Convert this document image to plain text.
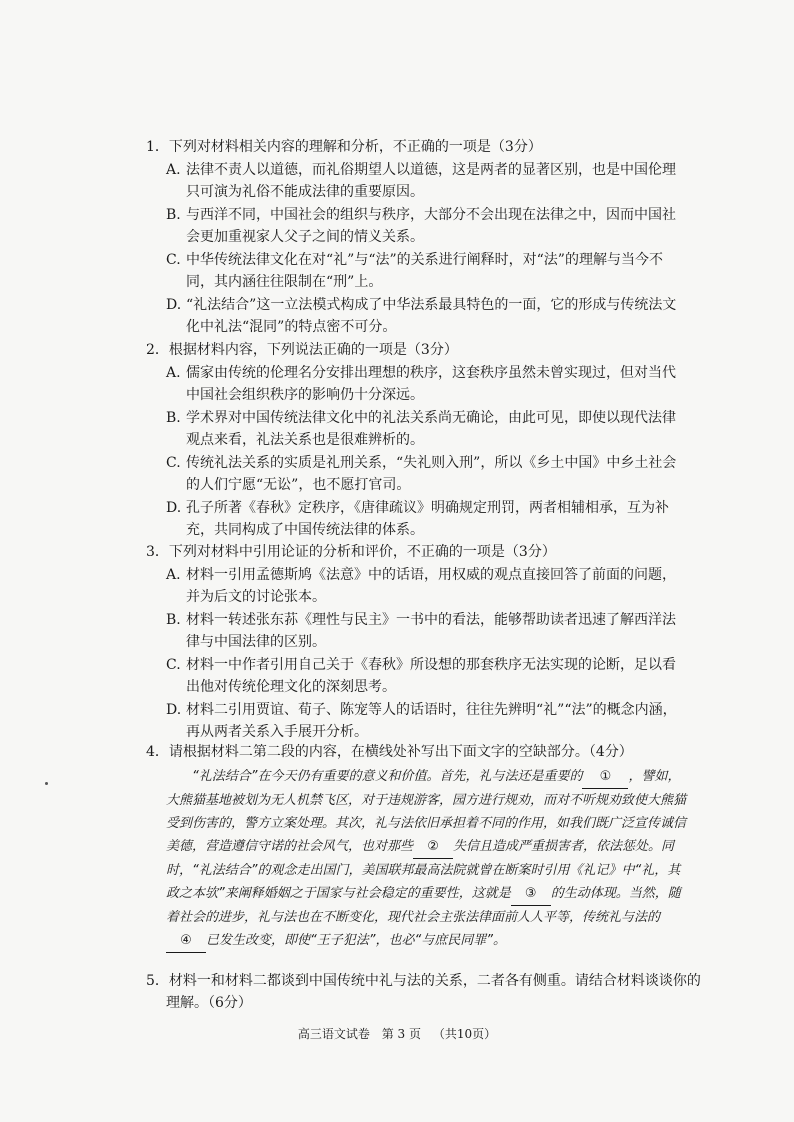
1．下列对材料相关内容的理解和分析，不正确的一项是（3分）
A. 法律不责人以道德，而礼俗期望人以道德，这是两者的显著区别，也是中国伦理只可演为礼俗不能成法律的重要原因。
B. 与西洋不同，中国社会的组织与秩序，大部分不会出现在法律之中，因而中国社会更加重视家人父子之间的情义关系。
C. 中华传统法律文化在对“礼”与“法”的关系进行阐释时，对“法”的理解与当今不同，其内涵往往限制在“刑”上。
D. “礼法结合”这一立法模式构成了中华法系最具特色的一面，它的形成与传统法文化中礼法“混同”的特点密不可分。
2．根据材料内容，下列说法正确的一项是（3分）
A. 儒家由传统的伦理名分安排出理想的秩序，这套秩序虽然未曾实现过，但对当代中国社会组织秩序的影响仍十分深远。
B. 学术界对中国传统法律文化中的礼法关系尚无确论，由此可见，即使以现代法律观点来看，礼法关系也是很难辨析的。
C. 传统礼法关系的实质是礼刑关系，“失礼则入刑”，所以《乡土中国》中乡土社会的人们宁愿“无讼”，也不愿打官司。
D. 孔子所著《春秋》定秩序，《唐律疏议》明确规定刑罚，两者相辅相承，互为补充，共同构成了中国传统法律的体系。
3．下列对材料中引用论证的分析和评价，不正确的一项是（3分）
A. 材料一引用孟德斯鸠《法意》中的话语，用权威的观点直接回答了前面的问题，并为后文的讨论张本。
B. 材料一转述张东荪《理性与民主》一书中的看法，能够帮助读者迅速了解西洋法律与中国法律的区别。
C. 材料一中作者引用自己关于《春秋》所设想的那套秩序无法实现的论断，足以看出他对传统伦理文化的深刻思考。
D. 材料二引用贾谊、荀子、陈宠等人的话语时，往往先辨明“礼”“法”的概念内涵，再从两者关系入手展开分析。
4．请根据材料二第二段的内容，在横线处补写出下面文字的空缺部分。（4分）
“礼法结合”在今天仍有重要的意义和价值。首先，礼与法还是重要的 ① ，譬如，大熊猫基地被划为无人机禁飞区，对于违规游客，园方进行规劝，而对不听规劝致使大熊猫受到伤害的，警方立案处理。其次，礼与法依旧承担着不同的作用，如我们既广泛宣传诚信美德，营造遵信守诺的社会风气，也对那些 ② 失信且造成严重损害者，依法惩处。同时，“礼法结合”的观念走出国门，美国联邦最高法院就曾在断案时引用《礼记》中“礼，其政之本欤”来阐释婚姻之于国家与社会稳定的重要性，这就是 ③ 的生动体现。当然，随着社会的进步，礼与法也在不断变化，现代社会主张法律面前人人平等，传统礼与法的④ 已发生改变，即使“王子犯法”，也必“与庶民同罪”。
5．材料一和材料二都谈到中国传统中礼与法的关系，二者各有侧重。请结合材料谈谈你的
理解。（6分）
高三语文试卷 第 3 页 （共10页）
